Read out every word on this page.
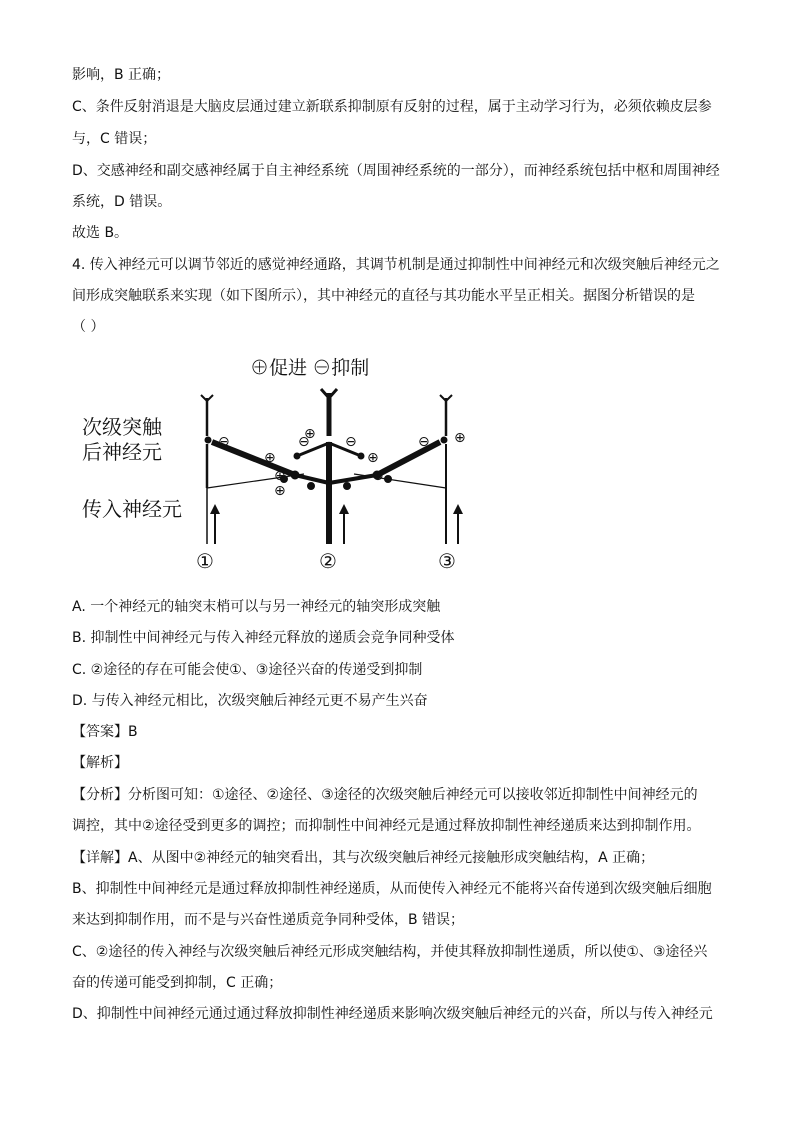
影响，B 正确；
C、条件反射消退是大脑皮层通过建立新联系抑制原有反射的过程，属于主动学习行为，必须依赖皮层参
与，C 错误；
D、交感神经和副交感神经属于自主神经系统（周围神经系统的一部分），而神经系统包括中枢和周围神经
系统，D 错误。
故选 B。
4. 传入神经元可以调节邻近的感觉神经通路，其调节机制是通过抑制性中间神经元和次级突触后神经元之
间形成突触联系来实现（如下图所示），其中神经元的直径与其功能水平呈正相关。据图分析错误的是
（ ）
⊕促进 ⊖抑制
次级突触
后神经元
传入神经元
⊖
⊕
⊕
⊕
⊕
⊖	⊖
⊕
⊕
⊖ ⊕
①	②	③
A. 一个神经元的轴突末梢可以与另一神经元的轴突形成突触
B. 抑制性中间神经元与传入神经元释放的递质会竞争同种受体
C. ②途径的存在可能会使①、③途径兴奋的传递受到抑制
D. 与传入神经元相比，次级突触后神经元更不易产生兴奋
【答案】B
【解析】
【分析】分析图可知：①途径、②途径、③途径的次级突触后神经元可以接收邻近抑制性中间神经元的
调控，其中②途径受到更多的调控；而抑制性中间神经元是通过释放抑制性神经递质来达到抑制作用。
【详解】A、从图中②神经元的轴突看出，其与次级突触后神经元接触形成突触结构，A 正确；
B、抑制性中间神经元是通过释放抑制性神经递质，从而使传入神经元不能将兴奋传递到次级突触后细胞
来达到抑制作用，而不是与兴奋性递质竞争同种受体，B 错误；
C、②途径的传入神经与次级突触后神经元形成突触结构，并使其释放抑制性递质，所以使①、③途径兴
奋的传递可能受到抑制，C 正确；
D、抑制性中间神经元通过通过释放抑制性神经递质来影响次级突触后神经元的兴奋，所以与传入神经元
